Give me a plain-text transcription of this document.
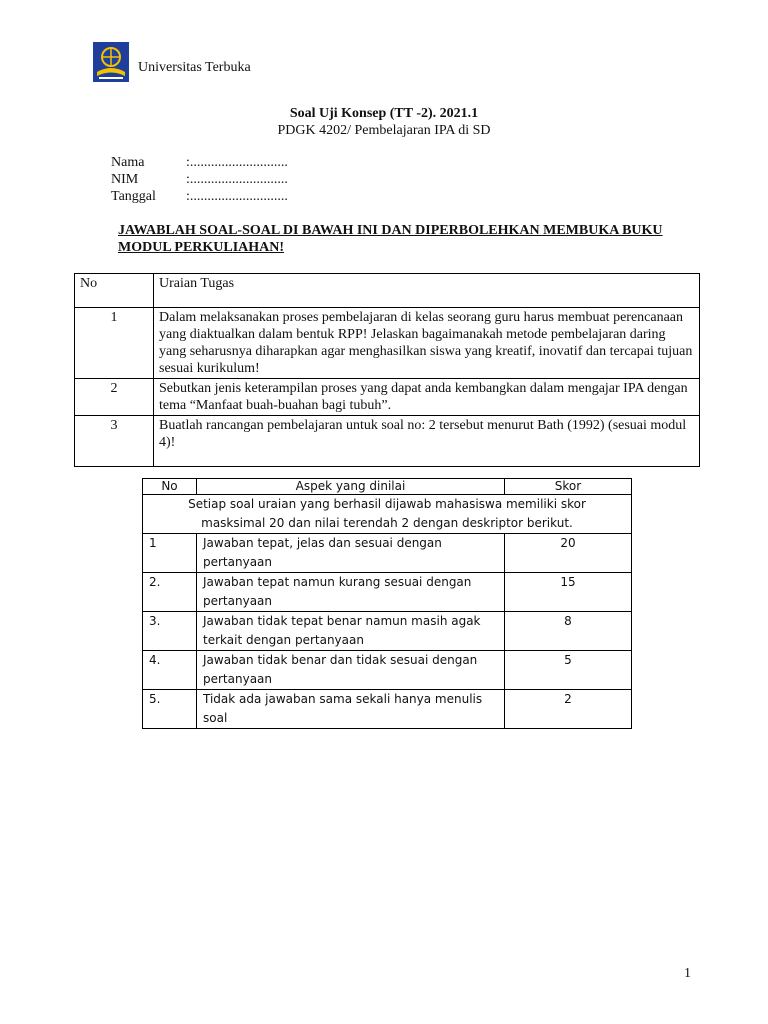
Universitas Terbuka
Soal Uji Konsep (TT -2). 2021.1
PDGK 4202/ Pembelajaran IPA di SD
Nama	:............................
NIM	:............................
Tanggal :............................
JAWABLAH SOAL-SOAL DI BAWAH INI DAN DIPERBOLEHKAN MEMBUKA BUKU MODUL PERKULIAHAN!
No	Uraian Tugas
1	Dalam melaksanakan proses pembelajaran di kelas seorang guru harus membuat perencanaan yang diaktualkan dalam bentuk RPP! Jelaskan bagaimanakah metode pembelajaran daring yang seharusnya diharapkan agar menghasilkan siswa yang kreatif, inovatif dan tercapai tujuan sesuai kurikulum!
2	Sebutkan jenis keterampilan proses yang dapat anda kembangkan dalam mengajar IPA dengan tema “Manfaat buah-buahan bagi tubuh”.
3	Buatlah rancangan pembelajaran untuk soal no: 2 tersebut menurut Bath (1992) (sesuai modul 4)!
No	Aspek yang dinilai	Skor
Setiap soal uraian yang berhasil dijawab mahasiswa memiliki skor masksimal 20 dan nilai terendah 2 dengan deskriptor berikut.		
1	Jawaban tepat, jelas dan sesuai dengan pertanyaan	20
2.	Jawaban tepat namun kurang sesuai dengan pertanyaan	15
3.	Jawaban tidak tepat benar namun masih agak terkait dengan pertanyaan	8
4.	Jawaban tidak benar dan tidak sesuai dengan pertanyaan	5
5.	Tidak ada jawaban sama sekali hanya menulis soal	2
1
